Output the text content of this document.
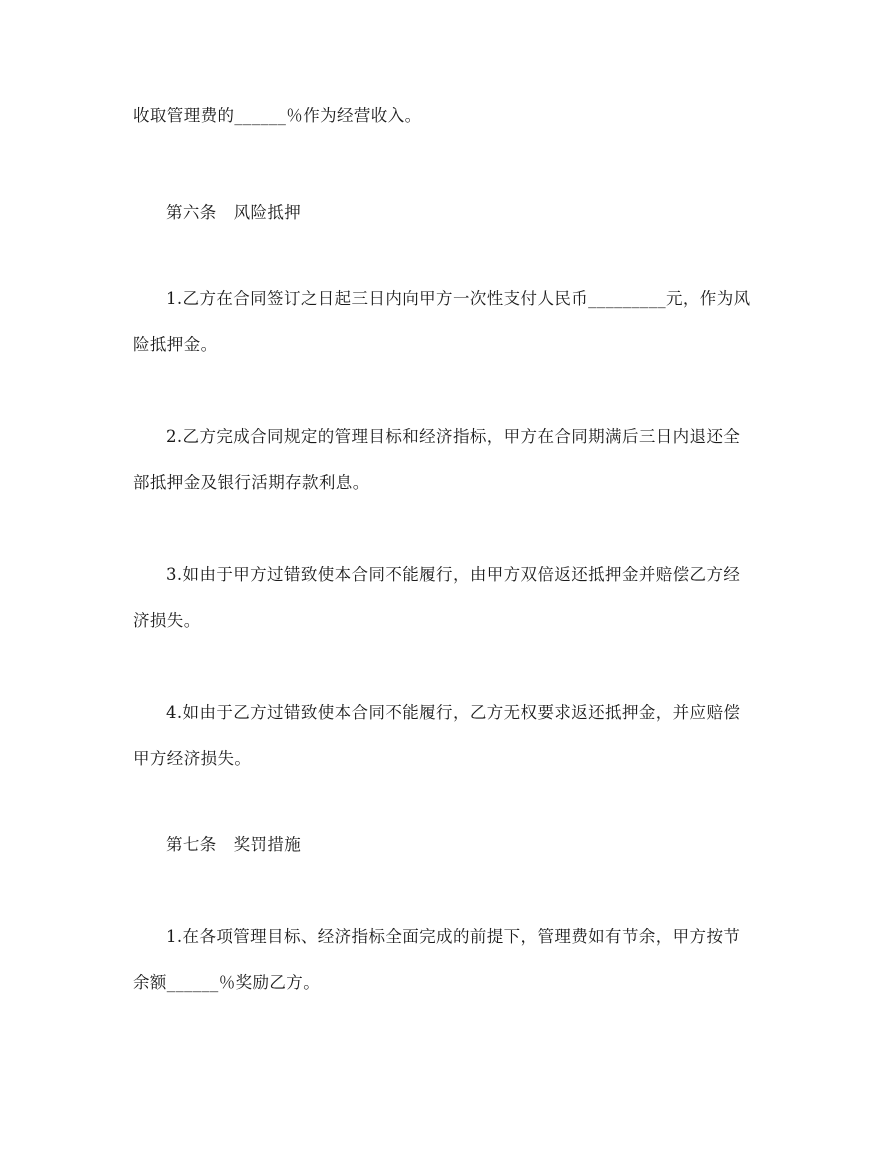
收取管理费的______％作为经营收入。
第六条　风险抵押
1.乙方在合同签订之日起三日内向甲方一次性支付人民币_________元，作为风
险抵押金。
2.乙方完成合同规定的管理目标和经济指标，甲方在合同期满后三日内退还全
部抵押金及银行活期存款利息。
3.如由于甲方过错致使本合同不能履行，由甲方双倍返还抵押金并赔偿乙方经
济损失。
4.如由于乙方过错致使本合同不能履行，乙方无权要求返还抵押金，并应赔偿
甲方经济损失。
第七条　奖罚措施
1.在各项管理目标、经济指标全面完成的前提下，管理费如有节余，甲方按节
余额______％奖励乙方。
